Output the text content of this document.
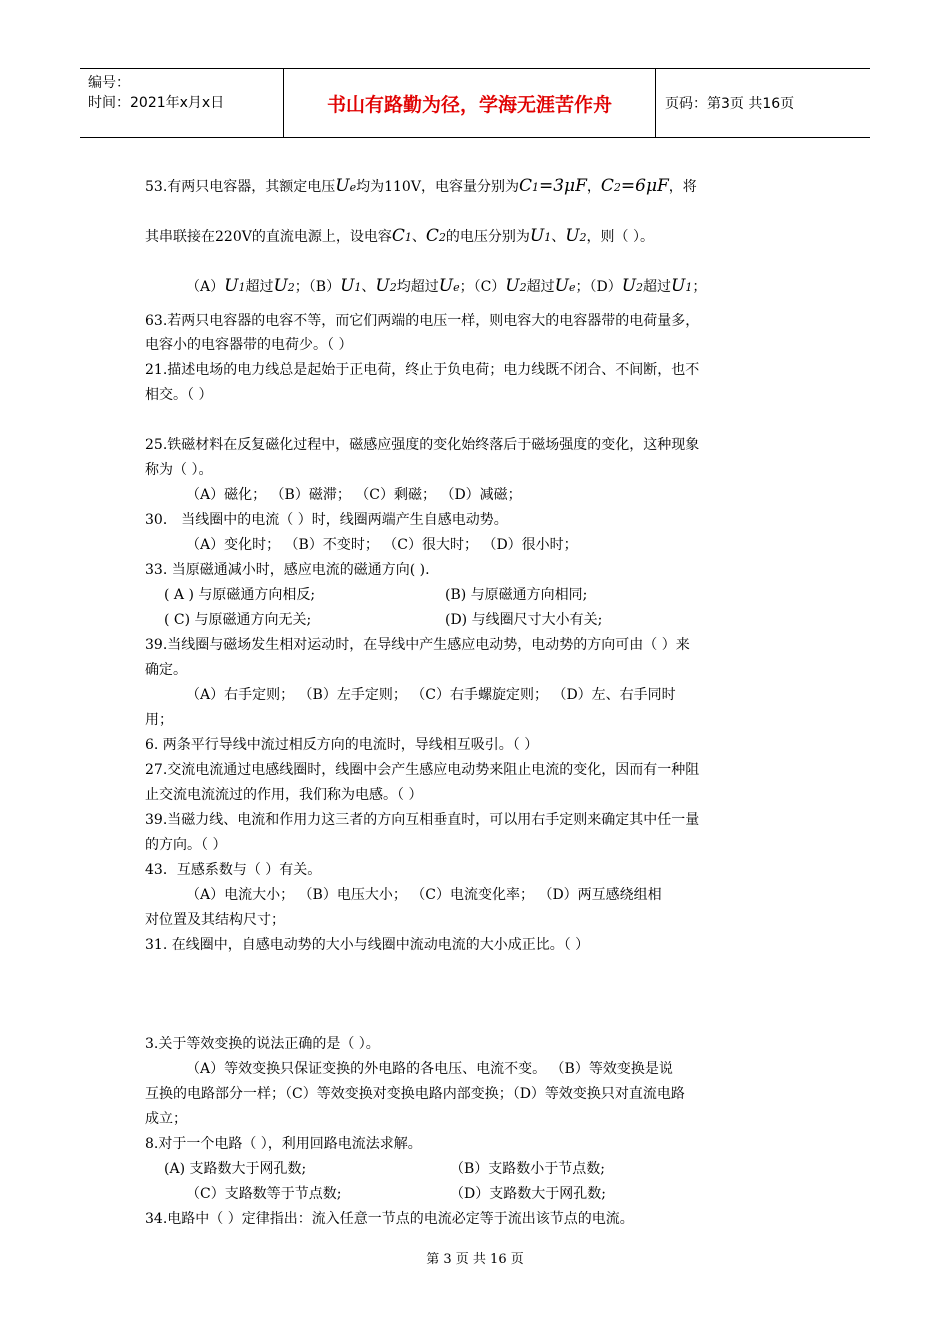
编号：
时间：2021年x月x日	书山有路勤为径，学海无涯苦作舟	页码：第3页 共16页
53.有两只电容器，其额定电压Ue均为110V，电容量分别为C1=3μF，C2=6μF，将
其串联接在220V的直流电源上，设电容C1、C2的电压分别为U1、U2，则（ ）。
（A）U1超过U2；（B）U1、U2均超过Ue；（C）U2超过Ue；（D）U2超过U1；
63.若两只电容器的电容不等，而它们两端的电压一样，则电容大的电容器带的电荷量多，
电容小的电容器带的电荷少。（ ）
21.描述电场的电力线总是起始于正电荷，终止于负电荷；电力线既不闭合、不间断，也不
相交。（ ）
25.铁磁材料在反复磁化过程中，磁感应强度的变化始终落后于磁场强度的变化，这种现象
称为（ ）。
（A）磁化； （B）磁滞； （C）剩磁； （D）减磁；
30． 当线圈中的电流（ ）时，线圈两端产生自感电动势。
（A）变化时； （B）不变时； （C）很大时； （D）很小时；
33. 当原磁通减小时，感应电流的磁通方向( ).
( A ) 与原磁通方向相反;	(B) 与原磁通方向相同;
( C) 与原磁通方向无关;	(D) 与线圈尺寸大小有关;
39.当线圈与磁场发生相对运动时，在导线中产生感应电动势，电动势的方向可由（ ）来
确定。
（A）右手定则； （B）左手定则； （C）右手螺旋定则； （D）左、右手同时
用；
6. 两条平行导线中流过相反方向的电流时，导线相互吸引。（ ）
27.交流电流通过电感线圈时，线圈中会产生感应电动势来阻止电流的变化，因而有一种阻
止交流电流流过的作用，我们称为电感。（ ）
39.当磁力线、电流和作用力这三者的方向互相垂直时，可以用右手定则来确定其中任一量
的方向。（ ）
43．互感系数与（ ）有关。
（A）电流大小； （B）电压大小； （C）电流变化率； （D）两互感绕组相
对位置及其结构尺寸；
31. 在线圈中，自感电动势的大小与线圈中流动电流的大小成正比。（ ）
3.关于等效变换的说法正确的是（ ）。
（A）等效变换只保证变换的外电路的各电压、电流不变。 （B）等效变换是说
互换的电路部分一样；（C）等效变换对变换电路内部变换；（D）等效变换只对直流电路
成立；
8.对于一个电路（ ），利用回路电流法求解。
(A) 支路数大于网孔数;	（B）支路数小于节点数;
（C）支路数等于节点数;	（D）支路数大于网孔数;
34.电路中（ ）定律指出：流入任意一节点的电流必定等于流出该节点的电流。
第 3 页 共 16 页
